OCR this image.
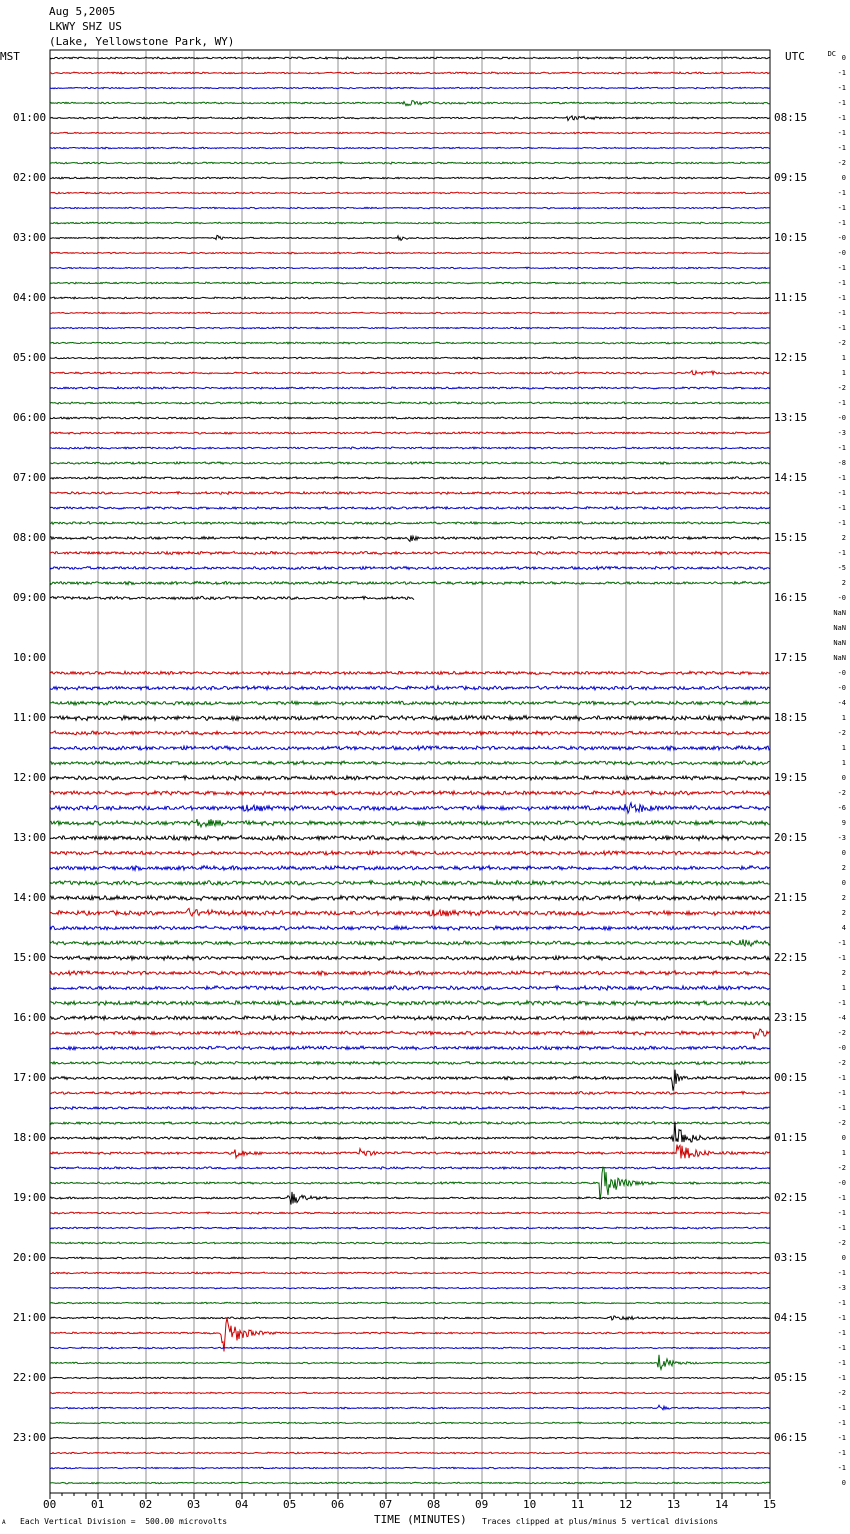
Aug 5,2005
LKWY SHZ US
(Lake, Yellowstone Park, WY)
MST	UTC	DC
01:00
02:00
03:00
04:00
05:00
06:00
07:00
08:00
09:00
10:00
11:00
12:00
13:00
14:00
15:00
16:00
17:00
18:00
19:00
20:00
21:00
22:00
23:00
08:15
09:15
10:15
11:15
12:15
13:15
14:15
15:15
16:15
17:15
18:15
19:15
20:15
21:15
22:15
23:15
00:15
01:15
02:15
03:15
04:15
05:15
06:15
0
-1
-1
-1
-1
-1
-1
-2
0
-1
-1
-1
-0
-0
-1
-1
-1
-1
-1
-2
1
1
-2
-1
-0
-3
-1
-8
-1
-1
-1
-1
2
-1
-5
2
-0
NaN
NaN
NaN
NaN
-0
-0
-4
1
-2
1
1
0
-2
-6
9
-3
0
2
0
2
2
4
-1
-1
2
1
-1
-4
-2
-0
-2
-1
-1
-1
-2
0
1
-2
-0
-1
-1
-1
-2
0
-1
-3
-1
-1
-1
-1
-1
-1
-2
-1
-1
-1
-1
-1
0
00	01	02	03	04	05	06	07	08	09	10	11	12	13	14	15
TIME (MINUTES)
Each Vertical Division =  500.00 microvolts	Traces clipped at plus/minus 5 vertical divisions
A
